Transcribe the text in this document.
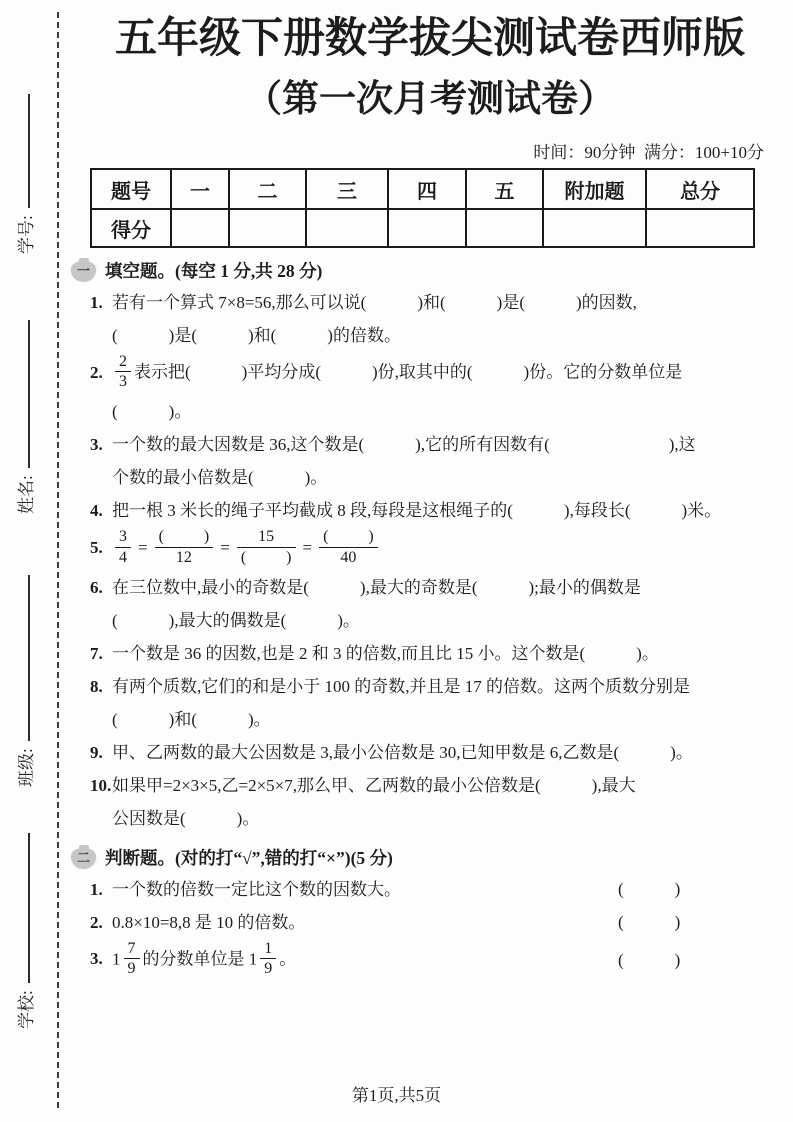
学号:
姓名:
班级:
学校:
五年级下册数学拔尖测试卷西师版
（第一次月考测试卷）
时间：90分钟  满分：100+10分
题号	一	二	三	四	五	附加题	总分
得分							
一 填空题。(每空 1 分,共 28 分)
1. 若有一个算式 7×8=56,那么可以说(            )和(            )是(            )的因数,
(            )是(            )和(            )的倍数。
2. $\frac{2}{3}$ 表示把(            )平均分成(            )份,取其中的(            )份。它的分数单位是
(            )。
3. 一个数的最大因数是 36,这个数是(            ),它的所有因数有(                            ),这
个数的最小倍数是(            )。
4. 把一根 3 米长的绳子平均截成 8 段,每段是这根绳子的(            ),每段长(            )米。
5. $\frac{3}{4} = \frac{( )}{12} = \frac{15}{( )} = \frac{( )}{40}$
6. 在三位数中,最小的奇数是(            ),最大的奇数是(            );最小的偶数是
(            ),最大的偶数是(            )。
7. 一个数是 36 的因数,也是 2 和 3 的倍数,而且比 15 小。这个数是(            )。
8. 有两个质数,它们的和是小于 100 的奇数,并且是 17 的倍数。这两个质数分别是
(            )和(            )。
9. 甲、乙两数的最大公因数是 3,最小公倍数是 30,已知甲数是 6,乙数是(            )。
10.如果甲=2×3×5,乙=2×5×7,那么甲、乙两数的最小公倍数是(            ),最大
公因数是(            )。
二 判断题。(对的打“√”,错的打“×”)(5 分)
1. 一个数的倍数一定比这个数的因数大。	(            )
2. 0.8×10=8,8 是 10 的倍数。	(            )
3. $1 \frac{7}{9}$ 的分数单位是 $1 \frac{1}{9}$ 。	(            )
第1页,共5页
